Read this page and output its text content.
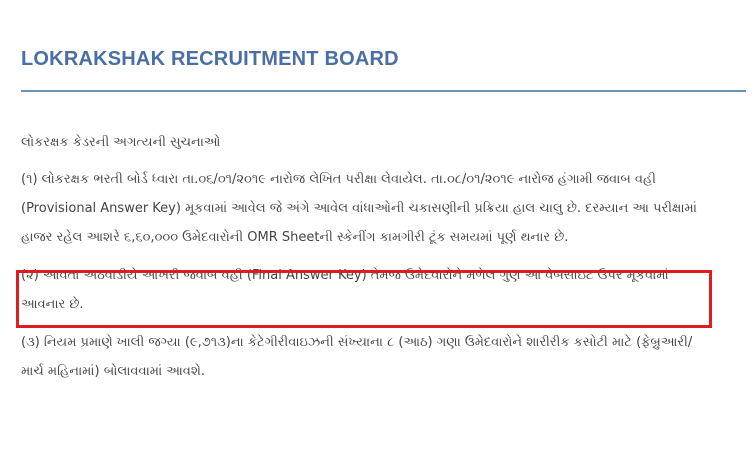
LOKRAKSHAK RECRUITMENT BOARD

લોકરક્ષક કેડરની અગત્યની સુચનાઓ

(૧) લોકરક્ષક ભરતી બોર્ડ ધ્વારા તા.૦૬/૦૧/૨૦૧૯ નારોજ લેખિત પરીક્ષા લેવાયેલ. તા.૦૮/૦૧/૨૦૧૯ નારોજ હંગામી જવાબ વહી
(Provisional Answer Key) મૂકવામાં આવેલ જે અંગે આવેલ વાંધાઓની ચકાસણીની પ્રક્રિયા હાલ ચાલુ છે. દરમ્યાન આ પરીક્ષામાં
હાજર રહેલ આશરે ૬,૬૦,૦૦૦ ઉમેદવારોની OMR Sheetની સ્કેનીંગ કામગીરી ટૂંક સમયમાં પૂર્ણ થનાર છે.

(૨) આવતા અઠવાડીયે આખરી જવાબ વહી (Final Answer Key) તેમજ ઉમેદવારોને મળેલ ગુણ આ વેબસાઇટ ઉપર મૂકવામાં
આવનાર છે.

(૩) નિયમ પ્રમાણે ખાલી જગ્યા (૯,૭૧૩)ના કેટેગીરીવાઇઝની સંખ્યાના ૮ (આઠ) ગણા ઉમેદવારોને શારીરીક કસોટી માટે (ફેબ્રુઆરી/
માર્ચ મહિનામાં) બોલાવવામાં આવશે.
